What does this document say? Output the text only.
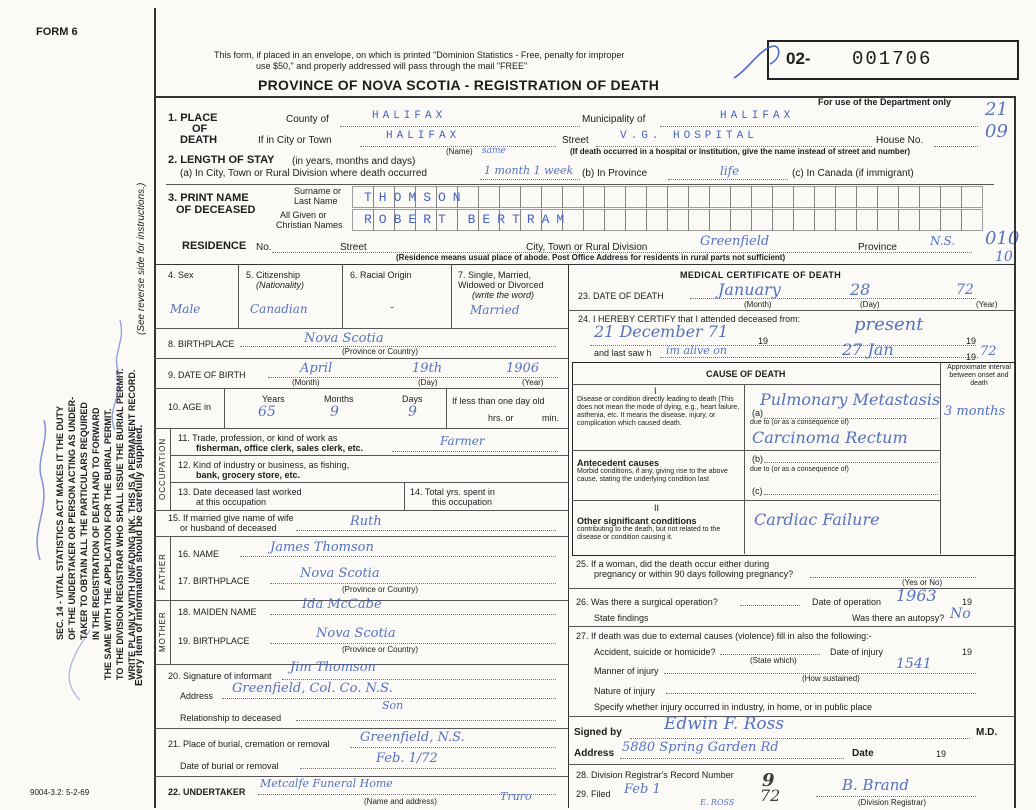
FORM 6
This form, if placed in an envelope, on which is printed "Dominion Statistics - Free, penalty for improper
use $50," and properly addressed will pass through the mail "FREE"
PROVINCE OF NOVA SCOTIA - REGISTRATION OF DEATH
02- 001706
For use of the Department only 21
09
010
10
SEC. 14 - VITAL STATISTICS ACT MAKES IT THE DUTY OF THE UNDERTAKER OR PERSON ACTING AS UNDER- TAKER TO OBTAIN ALL THE PARTICULARS REQUIRED IN THE REGISTRATION OF DEATH AND TO FORWARD THE SAME WITH THE APPLICATION FOR THE BURIAL PERMIT. TO THE DIVISION REGISTRAR WHO SHALL ISSUE THE BURIAL PERMIT. WRITE PLAINLY WITH UNFADING INK. THIS IS A PERMANENT RECORD.
Every item of information should be carefully supplied.
(See reverse side for instructions.)
1. PLACE
OF
DEATH
County of	HALIFAX	Municipality of	HALIFAX
If in City or Town	HALIFAX
(Name) same
Street	V.G. HOSPITAL	House No.
(If death occurred in a hospital or institution, give the name instead of street and number)
2. LENGTH OF STAY (in years, months and days)
(a) In City, Town or Rural Division where death occurred	1 month 1 week (b) In Province	life	(c) In Canada (if immigrant)
3. PRINT NAME
OF DECEASED
Surname or
Last Name
All Given or
Christian Names
THOMSON
ROBERT BERTRAM
RESIDENCE No.	Street	City, Town or Rural Division	Greenfield	Province	N.S.
(Residence means usual place of abode. Post Office Address for residents in rural parts not sufficient)
4. Sex
Male
5. Citizenship
(Nationality)
Canadian
6. Racial Origin
-
7. Single, Married,
Widowed or Divorced
(write the word)
Married
8. BIRTHPLACE	Nova Scotia
(Province or Country)
9. DATE OF BIRTH	April	19th	1906
(Month)	(Day)	(Year)
10. AGE in
Years	Months	Days
65	9	9
If less than one day old
hrs. or	min.
OCCUPATION 11. Trade, profession, or kind of work as
fisherman, office clerk, sales clerk, etc.	Farmer
12. Kind of industry or business, as fishing,
bank, grocery store, etc.
13. Date deceased last worked
at this occupation
14. Total yrs. spent in
this occupation
15. If married give name of wife
or husband of deceased	Ruth
FATHER 16. NAME	James Thomson
17. BIRTHPLACE	Nova Scotia
(Province or Country)
MOTHER 18. MAIDEN NAME	Ida McCabe
19. BIRTHPLACE	Nova Scotia
(Province or Country)
20. Signature of informant
Jim Thomson
Address Greenfield, Col. Co. N.S.
Son
Relationship to deceased
21. Place of burial, cremation or removal Greenfield, N.S.
Date of burial or removal	Feb. 1/72
22. UNDERTAKER
Metcalfe Funeral Home
Truro
(Name and address)
9004-3.2: 5-2-69
MEDICAL CERTIFICATE OF DEATH
23. DATE OF DEATH	January	28	72
(Month)	(Day)	(Year)
24. I HEREBY CERTIFY that I attended deceased from:
21 December 71	19
present
19
and last saw h im alive on	27 Jan	19 72
CAUSE OF DEATH
Approximate interval between onset and death
I
Disease or condition directly leading to death (This does not mean the mode of dying, e.g., heart failure, asthenia, etc. It means the disease, injury, or complication which caused death.
(a)
Pulmonary Metastasis
3 months
due to (or as a consequence of)
Carcinoma Rectum
Antecedent causes
Morbid conditions, if any, giving rise to the above cause, stating the underlying condition last
(b)
due to (or as a consequence of)
(c)
II
Other significant conditions
contributing to the death, but not related to the disease or condition causing it.
Cardiac Failure
25. If a woman, did the death occur either during
pregnancy or within 90 days following pregnancy?
(Yes or No)
26. Was there a surgical operation?	Date of operation 1963	19
State findings	Was there an autopsy? No
27. If death was due to external causes (violence) fill in also the following:-
Accident, suicide or homicide?
(State which)
Date of injury	19
Manner of injury	1541
(How sustained)
Nature of injury
Specify whether injury occurred in industry, in home, or in public place
Signed by Edwin F. Ross	M.D.
Address 5880 Spring Garden Rd	Date	19
28. Division Registrar's Record Number 9
29. Filed Feb 1	72
E. ROSS
B. Brand
(Division Registrar)
